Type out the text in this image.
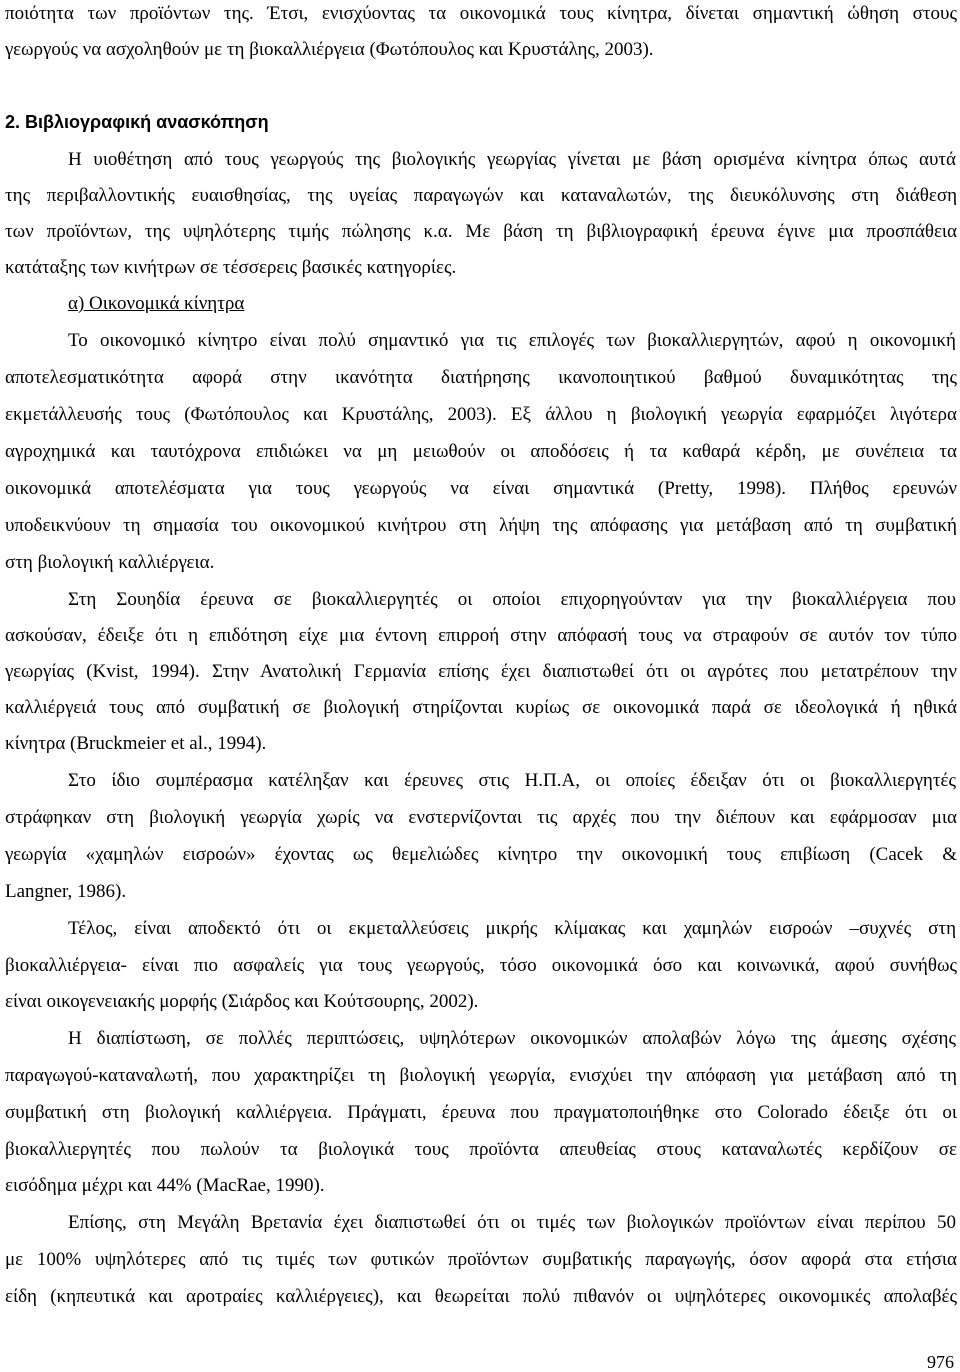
ποιότητα των προϊόντων της. Έτσι, ενισχύοντας τα οικονομικά τους κίνητρα, δίνεται σημαντική ώθηση στους
γεωργούς να ασχοληθούν με τη βιοκαλλιέργεια (Φωτόπουλος και Κρυστάλης, 2003).
2. Βιβλιογραφική ανασκόπηση
Η υιοθέτηση από τους γεωργούς της βιολογικής γεωργίας γίνεται με βάση ορισμένα κίνητρα όπως αυτά
της περιβαλλοντικής ευαισθησίας, της υγείας παραγωγών και καταναλωτών, της διευκόλυνσης στη διάθεση
των προϊόντων, της υψηλότερης τιμής πώλησης κ.α. Με βάση τη βιβλιογραφική έρευνα έγινε μια προσπάθεια
κατάταξης των κινήτρων σε τέσσερεις βασικές κατηγορίες.
α) Οικονομικά κίνητρα
Το οικονομικό κίνητρο είναι πολύ σημαντικό για τις επιλογές των βιοκαλλιεργητών, αφού η οικονομική
αποτελεσματικότητα αφορά στην ικανότητα διατήρησης ικανοποιητικού βαθμού δυναμικότητας της
εκμετάλλευσής τους (Φωτόπουλος και Κρυστάλης, 2003). Εξ άλλου η βιολογική γεωργία εφαρμόζει λιγότερα
αγροχημικά και ταυτόχρονα επιδιώκει να μη μειωθούν οι αποδόσεις ή τα καθαρά κέρδη, με συνέπεια τα
οικονομικά αποτελέσματα για τους γεωργούς να είναι σημαντικά (Pretty, 1998). Πλήθος ερευνών
υποδεικνύουν τη σημασία του οικονομικού κινήτρου στη λήψη της απόφασης για μετάβαση από τη συμβατική
στη βιολογική καλλιέργεια.
Στη Σουηδία έρευνα σε βιοκαλλιεργητές οι οποίοι επιχορηγούνταν για την βιοκαλλιέργεια που
ασκούσαν, έδειξε ότι η επιδότηση είχε μια έντονη επιρροή στην απόφασή τους να στραφούν σε αυτόν τον τύπο
γεωργίας (Kvist, 1994). Στην Ανατολική Γερμανία επίσης έχει διαπιστωθεί ότι οι αγρότες που μετατρέπουν την
καλλιέργειά τους από συμβατική σε βιολογική στηρίζονται κυρίως σε οικονομικά παρά σε ιδεολογικά ή ηθικά
κίνητρα (Bruckmeier et al., 1994).
Στο ίδιο συμπέρασμα κατέληξαν και έρευνες στις Η.Π.Α, οι οποίες έδειξαν ότι οι βιοκαλλιεργητές
στράφηκαν στη βιολογική γεωργία χωρίς να ενστερνίζονται τις αρχές που την διέπουν και εφάρμοσαν μια
γεωργία «χαμηλών εισροών» έχοντας ως θεμελιώδες κίνητρο την οικονομική τους επιβίωση (Cacek &
Langner, 1986).
Τέλος, είναι αποδεκτό ότι οι εκμεταλλεύσεις μικρής κλίμακας και χαμηλών εισροών –συχνές στη
βιοκαλλιέργεια- είναι πιο ασφαλείς για τους γεωργούς, τόσο οικονομικά όσο και κοινωνικά, αφού συνήθως
είναι οικογενειακής μορφής (Σιάρδος και Κούτσουρης, 2002).
Η διαπίστωση, σε πολλές περιπτώσεις, υψηλότερων οικονομικών απολαβών λόγω της άμεσης σχέσης
παραγωγού-καταναλωτή, που χαρακτηρίζει τη βιολογική γεωργία, ενισχύει την απόφαση για μετάβαση από τη
συμβατική στη βιολογική καλλιέργεια. Πράγματι, έρευνα που πραγματοποιήθηκε στο Colorado έδειξε ότι οι
βιοκαλλιεργητές που πωλούν τα βιολογικά τους προϊόντα απευθείας στους καταναλωτές κερδίζουν σε
εισόδημα μέχρι και 44% (MacRae, 1990).
Επίσης, στη Μεγάλη Βρετανία έχει διαπιστωθεί ότι οι τιμές των βιολογικών προϊόντων είναι περίπου 50
με 100% υψηλότερες από τις τιμές των φυτικών προϊόντων συμβατικής παραγωγής, όσον αφορά στα ετήσια
είδη (κηπευτικά και αροτραίες καλλιέργειες), και θεωρείται πολύ πιθανόν οι υψηλότερες οικονομικές απολαβές
976
